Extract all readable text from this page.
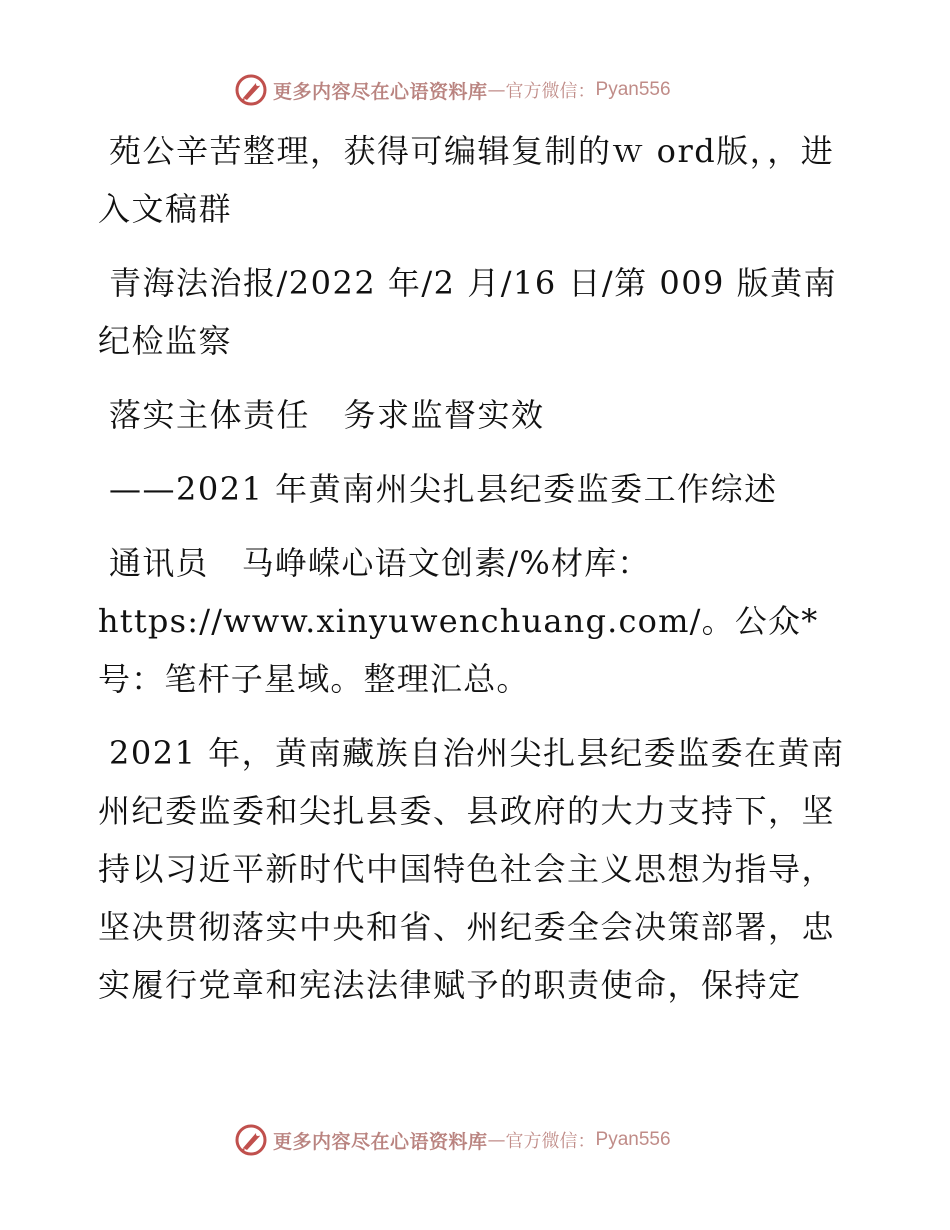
更多内容尽在心语资料库 — 官方微信： Pyan556

苑公辛苦整理，获得可编辑复制的ｗ ord版，，进入文稿群

青海法治报/2022 年/2 月/16 日/第 009 版黄南纪检监察

落实主体责任　务求监督实效

——2021 年黄南州尖扎县纪委监委工作综述

通讯员　马峥嵘心语文创素/%材库：https://www.xinyuwenchuang.com/。公众*号：笔杆子星域。整理汇总。

2021 年，黄南藏族自治州尖扎县纪委监委在黄南州纪委监委和尖扎县委、县政府的大力支持下，坚持以习近平新时代中国特色社会主义思想为指导，坚决贯彻落实中央和省、州纪委全会决策部署，忠实履行党章和宪法法律赋予的职责使命，保持定

更多内容尽在心语资料库 — 官方微信： Pyan556
